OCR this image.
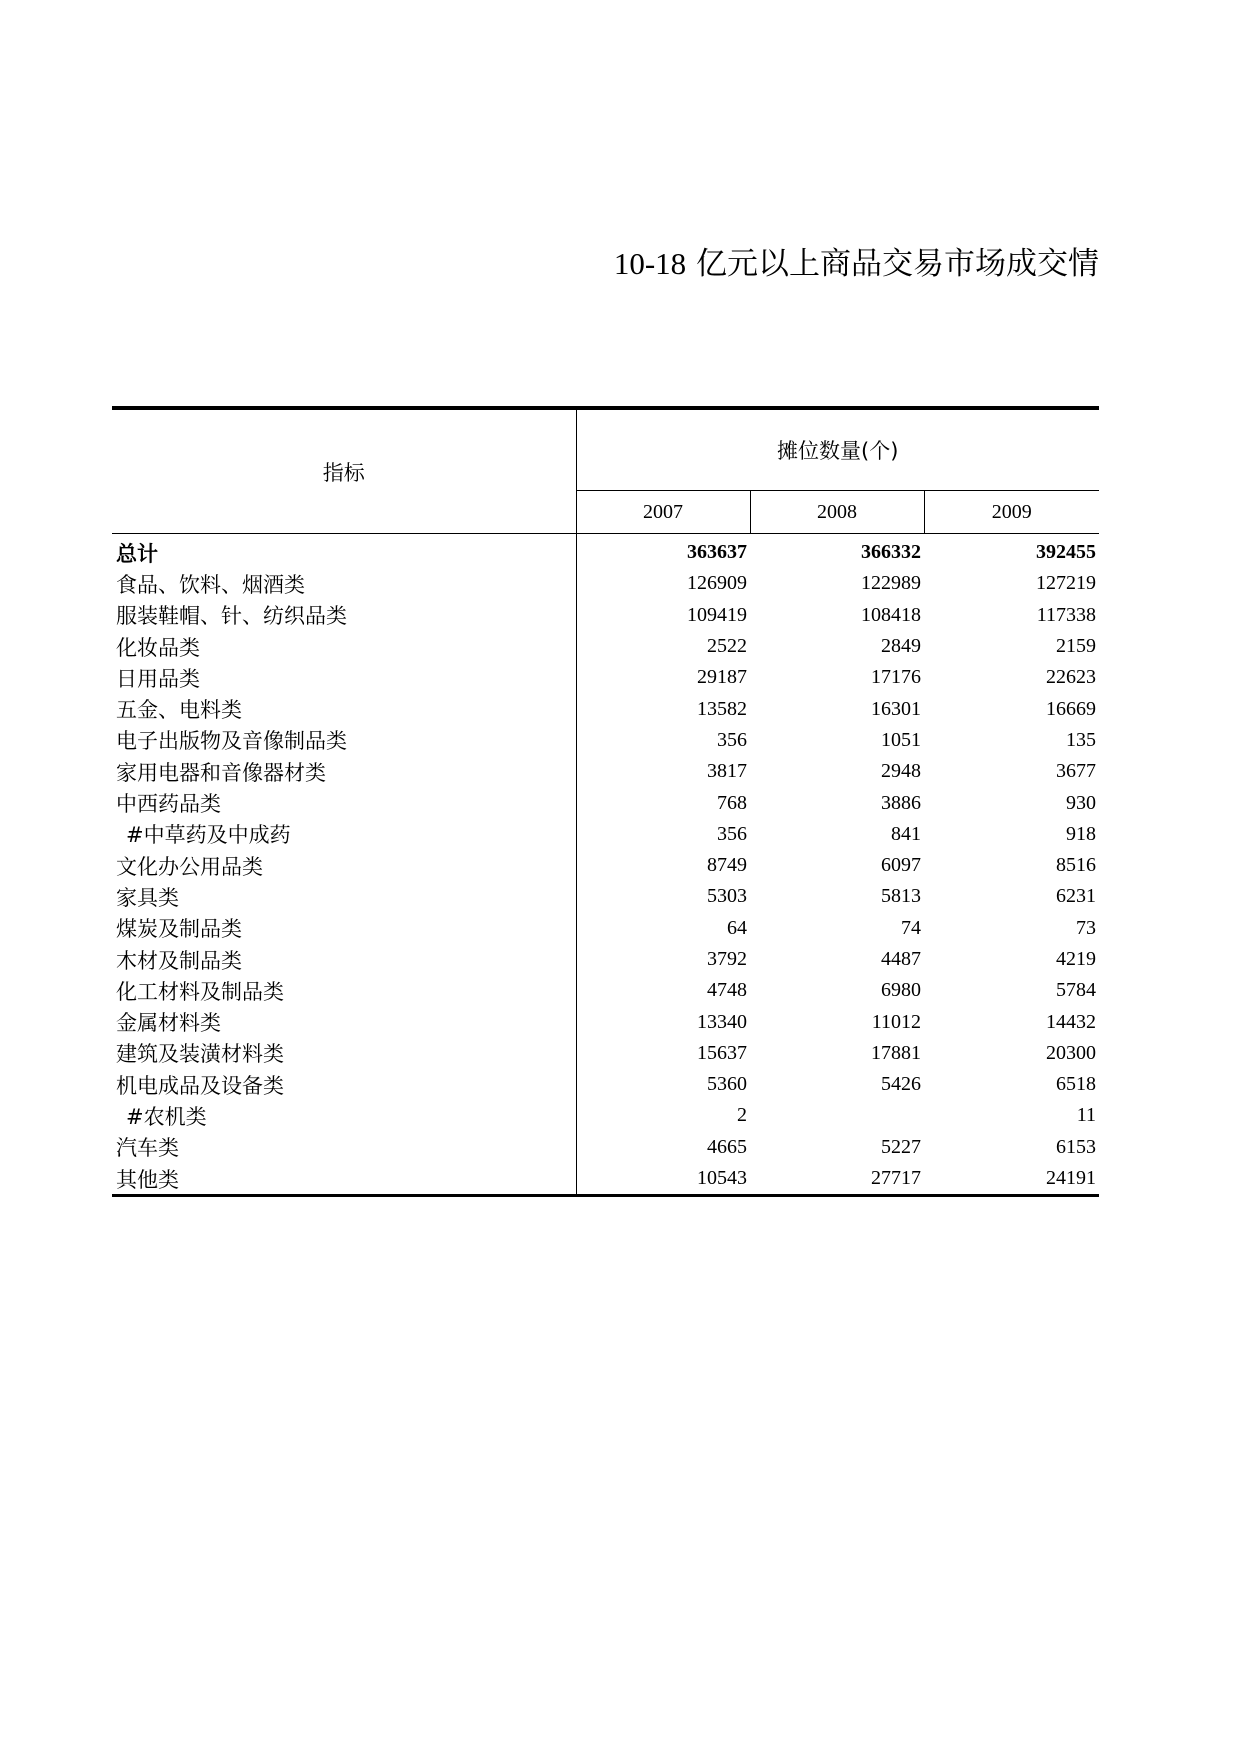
10-18 亿元以上商品交易市场成交情
指标	摊位数量(个)		
	2007	2008	2009
总计	363637	366332	392455
食品、饮料、烟酒类	126909	122989	127219
服装鞋帽、针、纺织品类	109419	108418	117338
化妆品类	2522	2849	2159
日用品类	29187	17176	22623
五金、电料类	13582	16301	16669
电子出版物及音像制品类	356	1051	135
家用电器和音像器材类	3817	2948	3677
中西药品类	768	3886	930
#中草药及中成药	356	841	918
文化办公用品类	8749	6097	8516
家具类	5303	5813	6231
煤炭及制品类	64	74	73
木材及制品类	3792	4487	4219
化工材料及制品类	4748	6980	5784
金属材料类	13340	11012	14432
建筑及装潢材料类	15637	17881	20300
机电成品及设备类	5360	5426	6518
#农机类	2		11
汽车类	4665	5227	6153
其他类	10543	27717	24191
